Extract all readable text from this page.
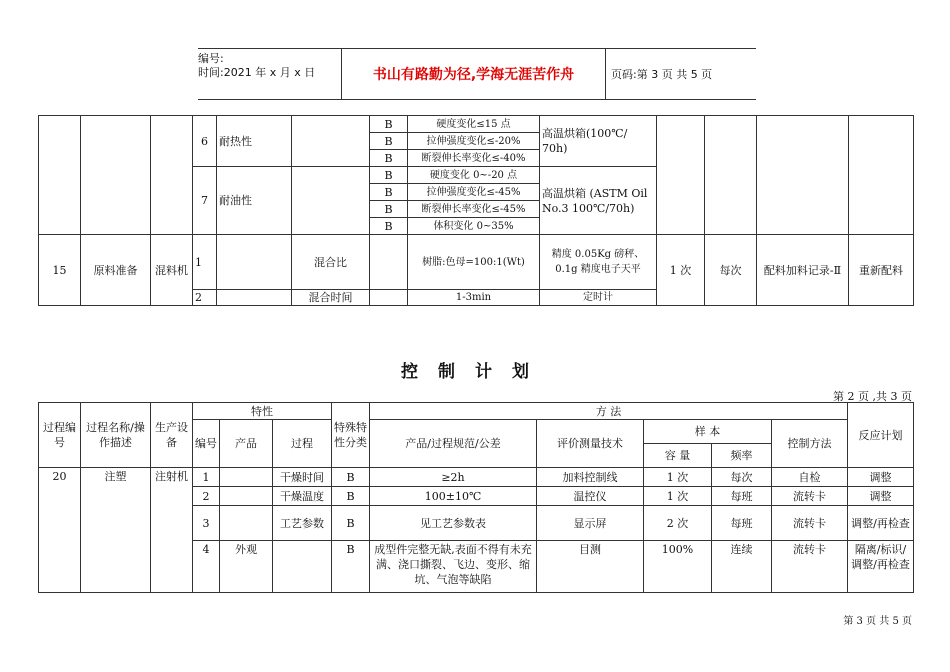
编号:
时间:2021 年 x 月 x 日	书山有路勤为径,学海无涯苦作舟	页码:第 3 页 共 5 页
			6	耐热性		B	硬度变化≤15 点	高温烘箱(100℃/ 70h)				
						B	拉伸强度变化≤-20%					
						B	断裂伸长率变化≤-40%					
			7	耐油性		B	硬度变化 0~-20 点	高温烘箱 (ASTM Oil No.3 100℃/70h)				
						B	拉伸强度变化≤-45%					
						B	断裂伸长率变化≤-45%					
						B	体积变化 0~35%					
15	原料准备	混料机	1		混合比		树脂:色母=100:1(Wt)	精度 0.05Kg 磅秤、0.1g 精度电子天平	1 次	每次	配料加料记录-Ⅱ	重新配料
			2		混合时间		1-3min	定时计				
控制计划
第 2 页 ,共 3 页
过程编号	过程名称/操作描述	生产设备	特性			特殊特性分类	方 法					反应计划
			编号	产品	过程		产品/过程规范/公差	评价测量技术	样 本		控制方法	
									容 量	频率		
20	注塑	注射机	1		干燥时间	B	≥2h	加料控制线	1 次	每次	自检	调整
			2		干燥温度	B	100±10℃	温控仪	1 次	每班	流转卡	调整
			3		工艺参数	B	见工艺参数表	显示屏	2 次	每班	流转卡	调整/再检查
			4	外观		B	成型件完整无缺,表面不得有未充满、浇口撕裂、飞边、变形、缩坑、气泡等缺陷	目测	100%	连续	流转卡	隔离/标识/调整/再检查
第 3 页 共 5 页
